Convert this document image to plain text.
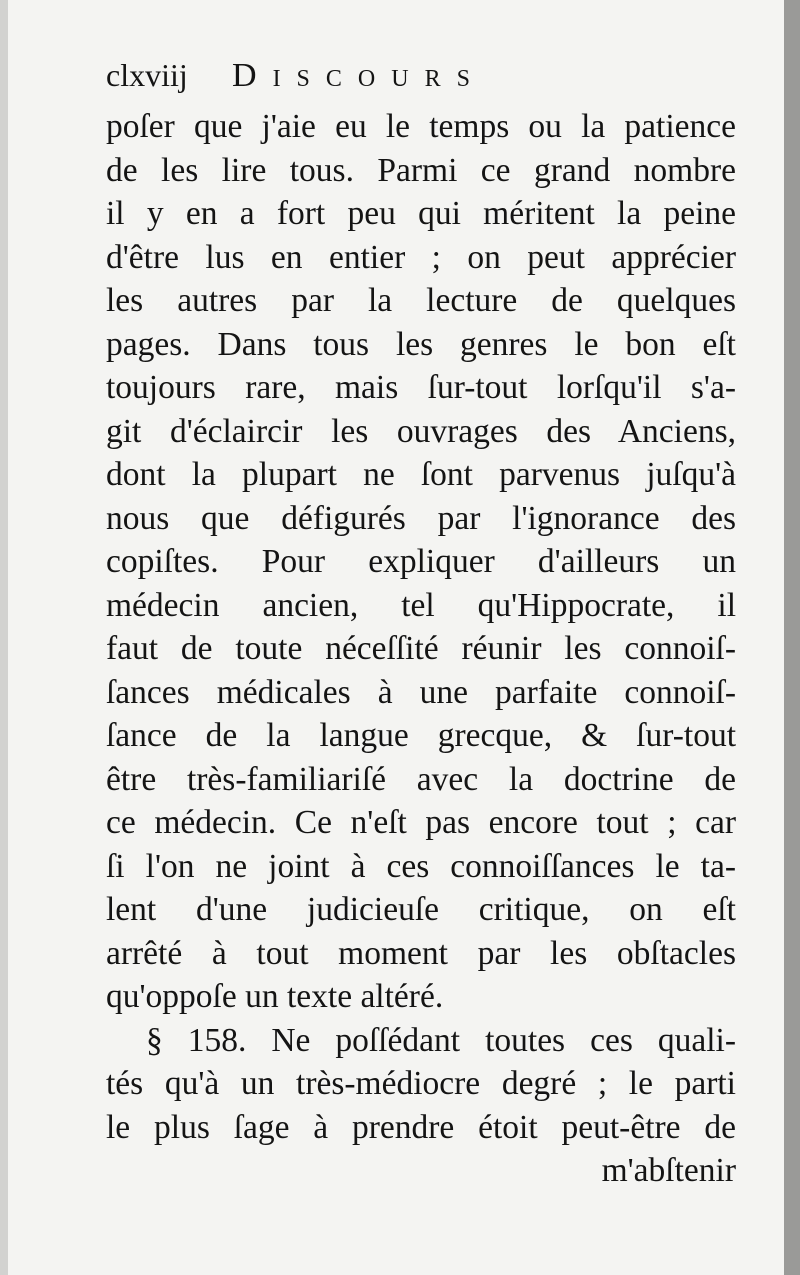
clxviij Discours
poſer que j'aie eu le temps ou la patience
de les lire tous. Parmi ce grand nombre
il y en a fort peu qui méritent la peine
d'être lus en entier ; on peut apprécier
les autres par la lecture de quelques
pages. Dans tous les genres le bon eſt
toujours rare, mais ſur-tout lorſqu'il s'a-
git d'éclaircir les ouvrages des Anciens,
dont la plupart ne ſont parvenus juſqu'à
nous que défigurés par l'ignorance des
copiſtes. Pour expliquer d'ailleurs un
médecin ancien, tel qu'Hippocrate, il
faut de toute néceſſité réunir les connoiſ-
ſances médicales à une parfaite connoiſ-
ſance de la langue grecque, & ſur-tout
être très-familiariſé avec la doctrine de
ce médecin. Ce n'eſt pas encore tout ; car
ſi l'on ne joint à ces connoiſſances le ta-
lent d'une judicieuſe critique, on eſt
arrêté à tout moment par les obſtacles
qu'oppoſe un texte altéré.
§ 158. Ne poſſédant toutes ces quali-
tés qu'à un très-médiocre degré ; le parti
le plus ſage à prendre étoit peut-être de
m'abſtenir
